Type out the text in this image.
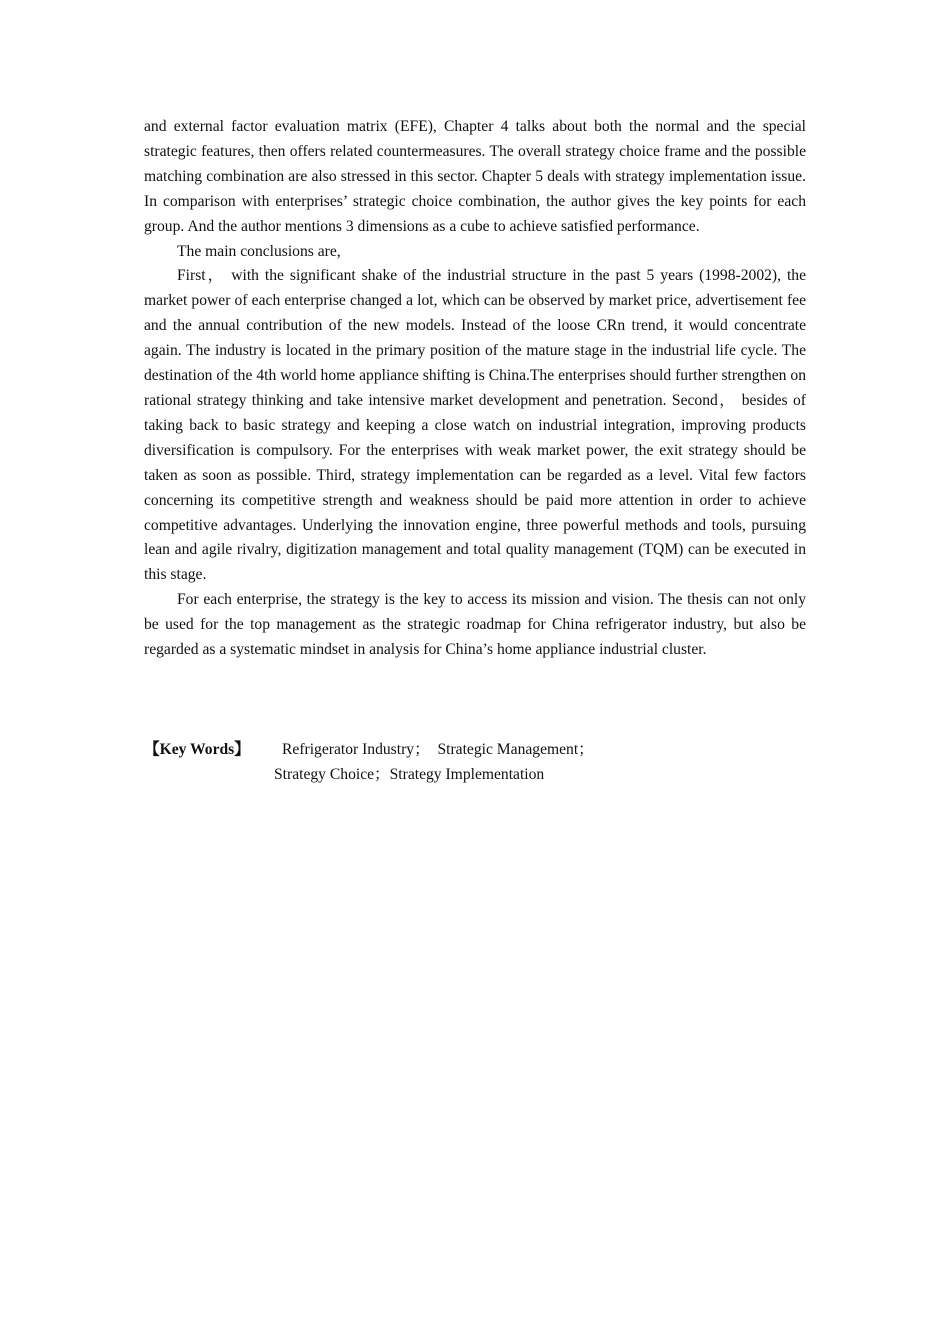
and external factor evaluation matrix (EFE), Chapter 4 talks about both the normal and the special strategic features, then offers related countermeasures. The overall strategy choice frame and the possible matching combination are also stressed in this sector. Chapter 5 deals with strategy implementation issue. In comparison with enterprises’ strategic choice combination, the author gives the key points for each group. And the author mentions 3 dimensions as a cube to achieve satisfied performance.

The main conclusions are,

First， with the significant shake of the industrial structure in the past 5 years (1998-2002), the market power of each enterprise changed a lot, which can be observed by market price, advertisement fee and the annual contribution of the new models. Instead of the loose CRn trend, it would concentrate again. The industry is located in the primary position of the mature stage in the industrial life cycle. The destination of the 4th world home appliance shifting is China.The enterprises should further strengthen on rational strategy thinking and take intensive market development and penetration. Second， besides of taking back to basic strategy and keeping a close watch on industrial integration, improving products diversification is compulsory. For the enterprises with weak market power, the exit strategy should be taken as soon as possible. Third, strategy implementation can be regarded as a level. Vital few factors concerning its competitive strength and weakness should be paid more attention in order to achieve competitive advantages. Underlying the innovation engine, three powerful methods and tools, pursuing lean and agile rivalry, digitization management and total quality management (TQM) can be executed in this stage.

For each enterprise, the strategy is the key to access its mission and vision. The thesis can not only be used for the top management as the strategic roadmap for China refrigerator industry, but also be regarded as a systematic mindset in analysis for China’s home appliance industrial cluster.

【Key Words】 Refrigerator Industry；  Strategic Management；
Strategy Choice；Strategy Implementation
